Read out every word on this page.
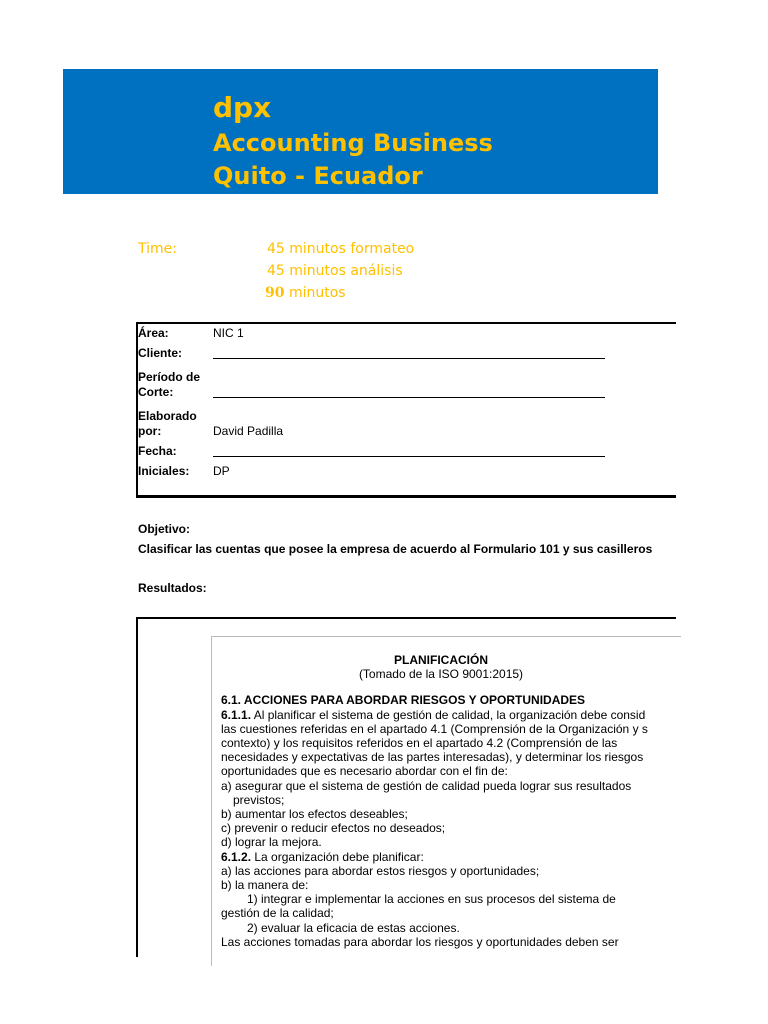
dpx
Accounting Business
Quito - Ecuador
Time:	45 minutos formateo
45 minutos análisis
90 minutos
Área:	NIC 1
Cliente:
Período de
Corte:
Elaborado
por:	David Padilla
Fecha:
Iniciales: DP
Objetivo:
Clasificar las cuentas que posee la empresa de acuerdo al Formulario 101 y sus casilleros
Resultados:

PLANIFICACIÓN

(Tomado de la ISO 9001:2015)

6.1. ACCIONES PARA ABORDAR RIESGOS Y OPORTUNIDADES

6.1.1. Al planificar el sistema de gestión de calidad, la organización debe consid

las cuestiones referidas en el apartado 4.1 (Comprensión de la Organización y s

contexto) y los requisitos referidos en el apartado 4.2 (Comprensión de las

necesidades y expectativas de las partes interesadas), y determinar los riesgos

oportunidades que es necesario abordar con el fin de:

a) asegurar que el sistema de gestión de calidad pueda lograr sus resultados

previstos;

b) aumentar los efectos deseables;

c) prevenir o reducir efectos no deseados;

d) lograr la mejora.

6.1.2. La organización debe planificar:

a) las acciones para abordar estos riesgos y oportunidades;

b) la manera de:

1) integrar e implementar la acciones en sus procesos del sistema de

gestión de la calidad;

2) evaluar la eficacia de estas acciones.

Las acciones tomadas para abordar los riesgos y oportunidades deben ser
